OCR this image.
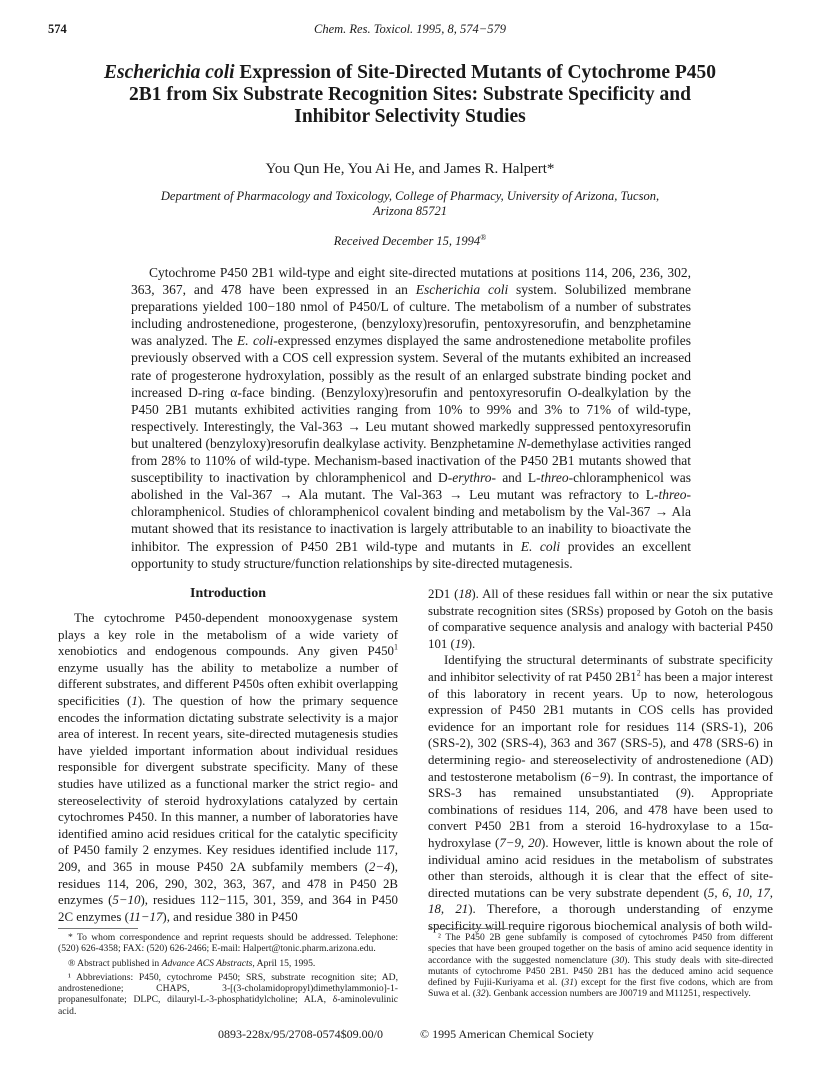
574	Chem. Res. Toxicol. 1995, 8, 574−579
Escherichia coli Expression of Site-Directed Mutants of Cytochrome P450 2B1 from Six Substrate Recognition Sites: Substrate Specificity and Inhibitor Selectivity Studies
You Qun He, You Ai He, and James R. Halpert*
Department of Pharmacology and Toxicology, College of Pharmacy, University of Arizona, Tucson, Arizona 85721
Received December 15, 1994®

Cytochrome P450 2B1 wild-type and eight site-directed mutations at positions 114, 206, 236, 302, 363, 367, and 478 have been expressed in an Escherichia coli system. Solubilized membrane preparations yielded 100−180 nmol of P450/L of culture. The metabolism of a number of substrates including androstenedione, progesterone, (benzyloxy)resorufin, pentoxyresorufin, and benzphetamine was analyzed. The E. coli-expressed enzymes displayed the same androstenedione metabolite profiles previously observed with a COS cell expression system. Several of the mutants exhibited an increased rate of progesterone hydroxylation, possibly as the result of an enlarged substrate binding pocket and increased D-ring α-face binding. (Benzyloxy)resorufin and pentoxyresorufin O-dealkylation by the P450 2B1 mutants exhibited activities ranging from 10% to 99% and 3% to 71% of wild-type, respectively. Interestingly, the Val-363 → Leu mutant showed markedly suppressed pentoxyresorufin but unaltered (benzyloxy)resorufin dealkylase activity. Benzphetamine N-demethylase activities ranged from 28% to 110% of wild-type. Mechanism-based inactivation of the P450 2B1 mutants showed that susceptibility to inactivation by chloramphenicol and D-erythro- and L-threo-chloramphenicol was abolished in the Val-367 → Ala mutant. The Val-363 → Leu mutant was refractory to L-threo-chloramphenicol. Studies of chloramphenicol covalent binding and metabolism by the Val-367 → Ala mutant showed that its resistance to inactivation is largely attributable to an inability to bioactivate the inhibitor. The expression of P450 2B1 wild-type and mutants in E. coli provides an excellent opportunity to study structure/function relationships by site-directed mutagenesis.

Introduction

The cytochrome P450-dependent monooxygenase system plays a key role in the metabolism of a wide variety of xenobiotics and endogenous compounds. Any given $P450^1$ enzyme usually has the ability to metabolize a number of different substrates, and different P450s often exhibit overlapping specificities (1). The question of how the primary sequence encodes the information dictating substrate selectivity is a major area of interest. In recent years, site-directed mutagenesis studies have yielded important information about individual residues responsible for divergent substrate specificity. Many of these studies have utilized as a functional marker the strict regio- and stereoselectivity of steroid hydroxylations catalyzed by certain cytochromes P450. In this manner, a number of laboratories have identified amino acid residues critical for the catalytic specificity of P450 family 2 enzymes. Key residues identified include 117, 209, and 365 in mouse P450 2A subfamily members (2−4), residues 114, 206, 290, 302, 363, 367, and 478 in P450 2B enzymes (5−10), residues 112−115, 301, 359, and 364 in P450 2C enzymes (11−17), and residue 380 in P450

2D1 (18). All of these residues fall within or near the six putative substrate recognition sites (SRSs) proposed by Gotoh on the basis of comparative sequence analysis and analogy with bacterial P450 101 (19).

Identifying the structural determinants of substrate specificity and inhibitor selectivity of rat P450 $2B1^2$ has been a major interest of this laboratory in recent years. Up to now, heterologous expression of P450 2B1 mutants in COS cells has provided evidence for an important role for residues 114 (SRS-1), 206 (SRS-2), 302 (SRS-4), 363 and 367 (SRS-5), and 478 (SRS-6) in determining regio- and stereoselectivity of androstenedione (AD) and testosterone metabolism (6−9). In contrast, the importance of SRS-3 has remained unsubstantiated (9). Appropriate combinations of residues 114, 206, and 478 have been used to convert P450 2B1 from a steroid 16-hydroxylase to a 15α-hydroxylase (7−9, 20). However, little is known about the role of individual amino acid residues in the metabolism of substrates other than steroids, although it is clear that the effect of site-directed mutations can be very substrate dependent (5, 6, 10, 17, 18, 21). Therefore, a thorough understanding of enzyme specificity will require rigorous biochemical analysis of both wild-

* To whom correspondence and reprint requests should be addressed. Telephone: (520) 626-4358; FAX: (520) 626-2466; E-mail: Halpert@tonic.pharm.arizona.edu.

® Abstract published in Advance ACS Abstracts, April 15, 1995.

¹ Abbreviations: P450, cytochrome P450; SRS, substrate recognition site; AD, androstenedione; CHAPS, 3-[(3-cholamidopropyl)dimethylammonio]-1-propanesulfonate; DLPC, dilauryl-L-3-phosphatidylcholine; ALA, δ-aminolevulinic acid.

² The P450 2B gene subfamily is composed of cytochromes P450 from different species that have been grouped together on the basis of amino acid sequence identity in accordance with the suggested nomenclature (30). This study deals with site-directed mutants of cytochrome P450 2B1. P450 2B1 has the deduced amino acid sequence defined by Fujii-Kuriyama et al. (31) except for the first five codons, which are from Suwa et al. (32). Genbank accession numbers are J00719 and M11251, respectively.

0893-228x/95/2708-0574$09.00/0	© 1995 American Chemical Society
